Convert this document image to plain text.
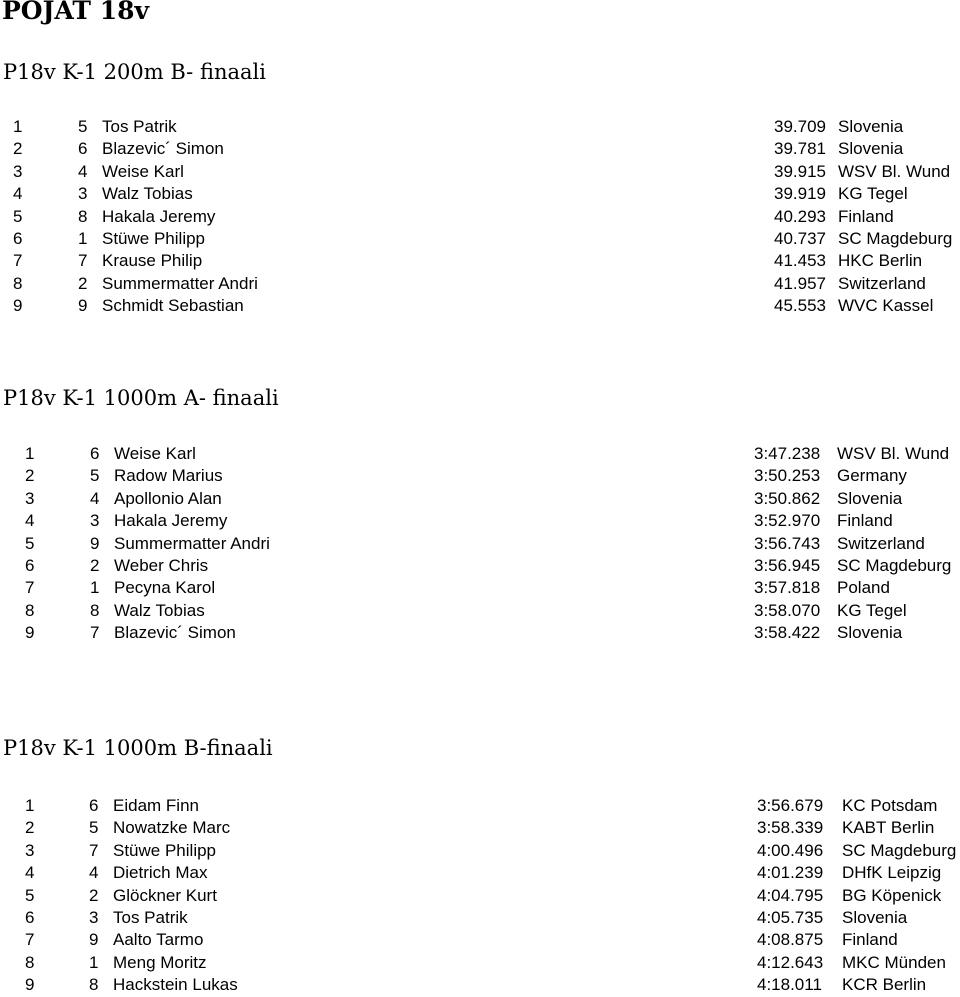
POJAT 18v
P18v K-1 200m B- finaali
1	5 Tos Patrik	39.709 Slovenia
2	6 Blazevic´ Simon	39.781 Slovenia
3	4 Weise Karl	39.915 WSV Bl. Wund
4	3 Walz Tobias	39.919 KG Tegel
5	8 Hakala Jeremy	40.293 Finland
6	1 Stüwe Philipp	40.737 SC Magdeburg
7	7 Krause Philip	41.453 HKC Berlin
8	2 Summermatter Andri	41.957 Switzerland
9	9 Schmidt Sebastian	45.553 WVC Kassel
P18v K-1 1000m A- finaali
1	6 Weise Karl	3:47.238 WSV Bl. Wund
2	5 Radow Marius	3:50.253 Germany
3	4 Apollonio Alan	3:50.862 Slovenia
4	3 Hakala Jeremy	3:52.970 Finland
5	9 Summermatter Andri	3:56.743 Switzerland
6	2 Weber Chris	3:56.945 SC Magdeburg
7	1 Pecyna Karol	3:57.818 Poland
8	8 Walz Tobias	3:58.070 KG Tegel
9	7 Blazevic´ Simon	3:58.422 Slovenia
P18v K-1 1000m B-finaali
1	6 Eidam Finn	3:56.679 KC Potsdam
2	5 Nowatzke Marc	3:58.339 KABT Berlin
3	7 Stüwe Philipp	4:00.496 SC Magdeburg
4	4 Dietrich Max	4:01.239 DHfK Leipzig
5	2 Glöckner Kurt	4:04.795 BG Köpenick
6	3 Tos Patrik	4:05.735 Slovenia
7	9 Aalto Tarmo	4:08.875 Finland
8	1 Meng Moritz	4:12.643 MKC Münden
9	8 Hackstein Lukas	4:18.011 KCR Berlin
